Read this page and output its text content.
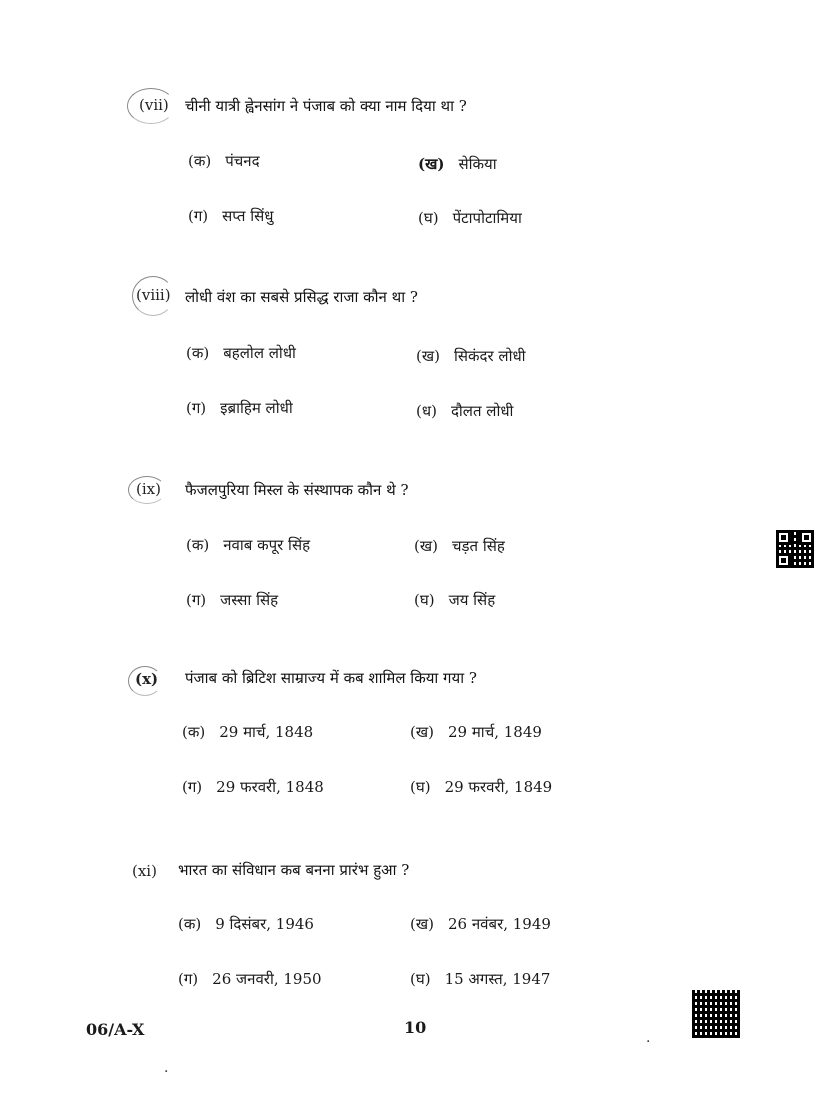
(vii) चीनी यात्री ह्वेनसांग ने पंजाब को क्या नाम दिया था ?
(क) पंचनद	(ख) सेकिया
(ग) सप्त सिंधु	(घ) पेंटापोटामिया
(viii) लोधी वंश का सबसे प्रसिद्ध राजा कौन था ?
(क) बहलोल लोधी	(ख) सिकंदर लोधी
(ग) इब्राहिम लोधी	(ध) दौलत लोधी
(ix) फैजलपुरिया मिस्ल के संस्थापक कौन थे ?
(क) नवाब कपूर सिंह	(ख) चड़त सिंह
(ग) जस्सा सिंह	(घ) जय सिंह
(x) पंजाब को ब्रिटिश साम्राज्य में कब शामिल किया गया ?
(क) 29 मार्च, 1848	(ख) 29 मार्च, 1849
(ग) 29 फरवरी, 1848	(घ) 29 फरवरी, 1849
(xi) भारत का संविधान कब बनना प्रारंभ हुआ ?
(क) 9 दिसंबर, 1946	(ख) 26 नवंबर, 1949
(ग) 26 जनवरी, 1950	(घ) 15 अगस्त, 1947
06/A-X	10
·
·
